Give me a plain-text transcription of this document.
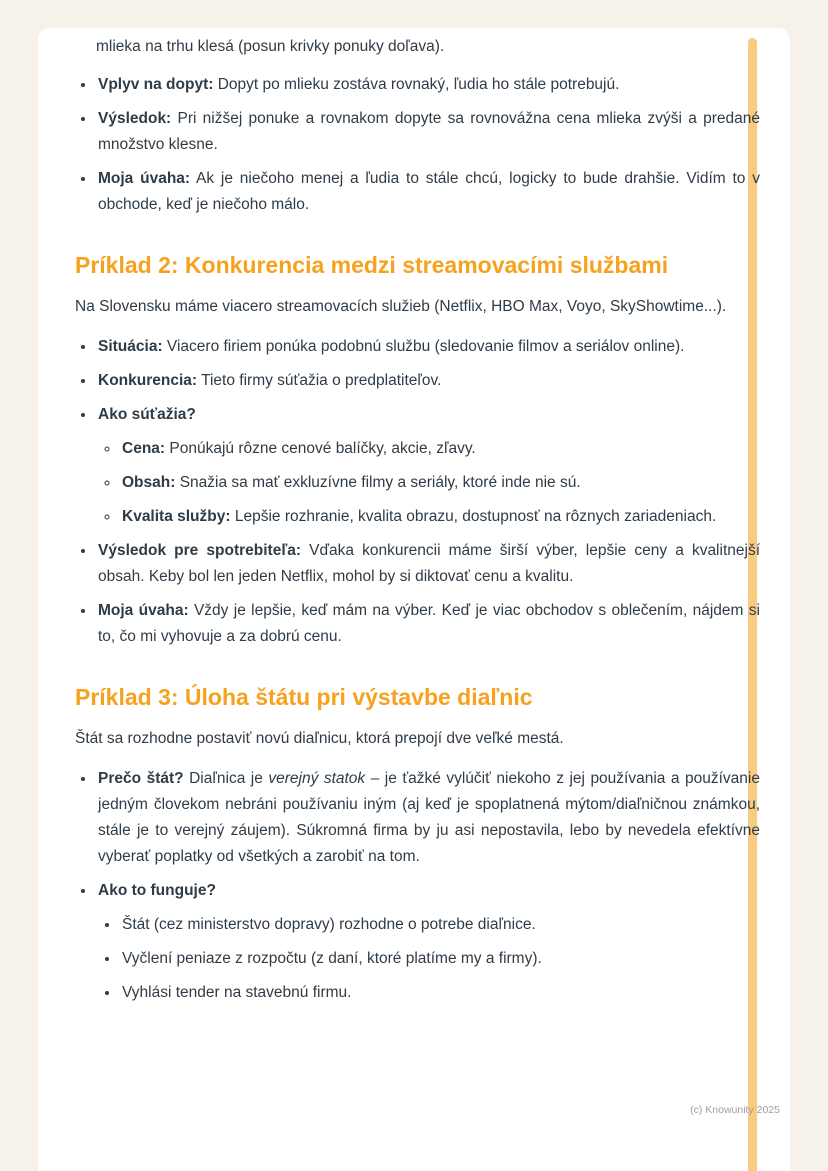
mlieka na trhu klesá (posun krivky ponuky doľava).

• Vplyv na dopyt: Dopyt po mlieku zostáva rovnaký, ľudia ho stále potrebujú.
• Výsledok: Pri nižšej ponuke a rovnakom dopyte sa rovnovážna cena mlieka zvýši a predané množstvo klesne.
• Moja úvaha: Ak je niečoho menej a ľudia to stále chcú, logicky to bude drahšie. Vidím to v obchode, keď je niečoho málo.
Príklad 2: Konkurencia medzi streamovacími službami

Na Slovensku máme viacero streamovacích služieb (Netflix, HBO Max, Voyo, SkyShowtime...).

• Situácia: Viacero firiem ponúka podobnú službu (sledovanie filmov a seriálov online).
• Konkurencia: Tieto firmy súťažia o predplatiteľov.
• Ako súťažia?
◦ Cena: Ponúkajú rôzne cenové balíčky, akcie, zľavy.
◦ Obsah: Snažia sa mať exkluzívne filmy a seriály, ktoré inde nie sú.
◦ Kvalita služby: Lepšie rozhranie, kvalita obrazu, dostupnosť na rôznych zariadeniach.
• Výsledok pre spotrebiteľa: Vďaka konkurencii máme širší výber, lepšie ceny a kvalitnejší obsah. Keby bol len jeden Netflix, mohol by si diktovať cenu a kvalitu.
• Moja úvaha: Vždy je lepšie, keď mám na výber. Keď je viac obchodov s oblečením, nájdem si to, čo mi vyhovuje a za dobrú cenu.
Príklad 3: Úloha štátu pri výstavbe diaľnic

Štát sa rozhodne postaviť novú diaľnicu, ktorá prepojí dve veľké mestá.

• Prečo štát? Diaľnica je verejný statok – je ťažké vylúčiť niekoho z jej používania a používanie jedným človekom nebráni používaniu iným (aj keď je spoplatnená mýtom/diaľničnou známkou, stále je to verejný záujem). Súkromná firma by ju asi nepostavila, lebo by nevedela efektívne vyberať poplatky od všetkých a zarobiť na tom.
• Ako to funguje?
• Štát (cez ministerstvo dopravy) rozhodne o potrebe diaľnice.
• Vyčlení peniaze z rozpočtu (z daní, ktoré platíme my a firmy).
• Vyhlási tender na stavebnú firmu.
(c) Knowunity 2025
